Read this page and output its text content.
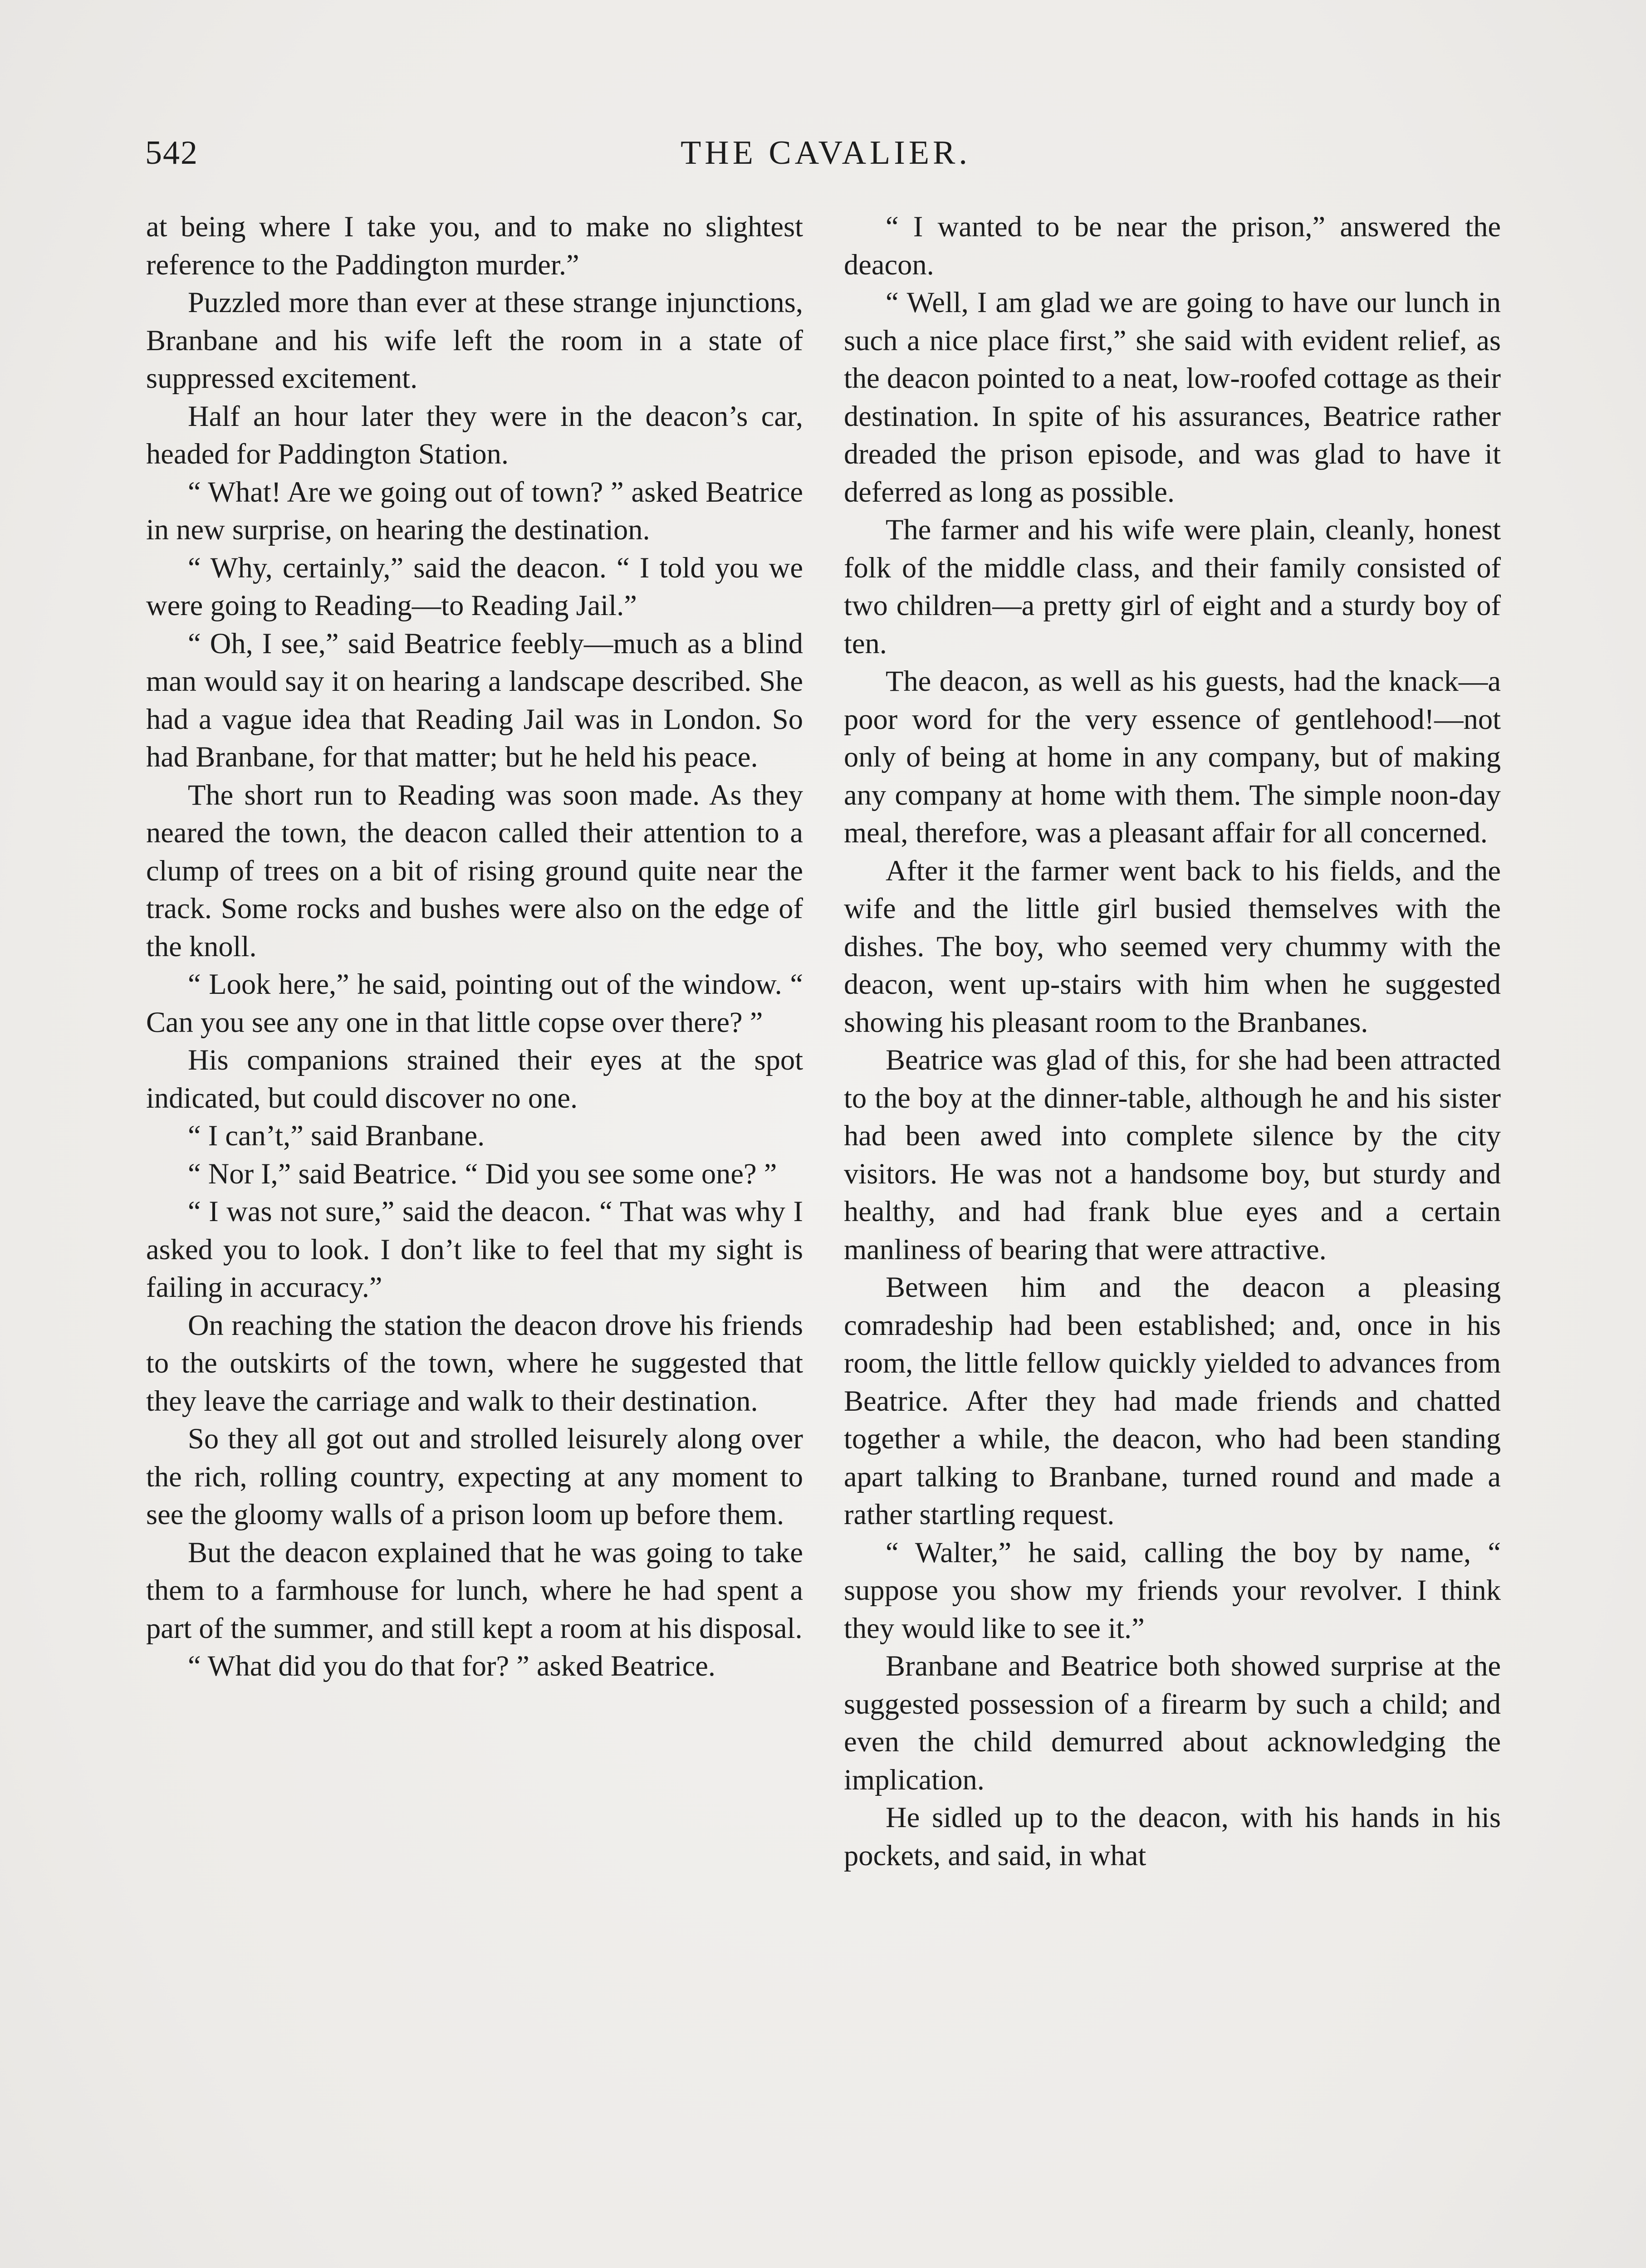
542	THE CAVALIER.

at being where I take you, and to make no slightest reference to the Paddington murder.”

Puzzled more than ever at these strange injunctions, Branbane and his wife left the room in a state of suppressed excitement.

Half an hour later they were in the deacon’s car, headed for Paddington Station.

“ What! Are we going out of town? ” asked Beatrice in new surprise, on hearing the destination.

“ Why, certainly,” said the deacon. “ I told you we were going to Reading—to Reading Jail.”

“ Oh, I see,” said Beatrice feebly—much as a blind man would say it on hearing a landscape described. She had a vague idea that Reading Jail was in London. So had Branbane, for that matter; but he held his peace.

The short run to Reading was soon made. As they neared the town, the deacon called their attention to a clump of trees on a bit of rising ground quite near the track. Some rocks and bushes were also on the edge of the knoll.

“ Look here,” he said, pointing out of the window. “ Can you see any one in that little copse over there? ”

His companions strained their eyes at the spot indicated, but could discover no one.

“ I can’t,” said Branbane.

“ Nor I,” said Beatrice. “ Did you see some one? ”

“ I was not sure,” said the deacon. “ That was why I asked you to look. I don’t like to feel that my sight is failing in accuracy.”

On reaching the station the deacon drove his friends to the outskirts of the town, where he suggested that they leave the carriage and walk to their destination.

So they all got out and strolled leisurely along over the rich, rolling country, expecting at any moment to see the gloomy walls of a prison loom up before them.

But the deacon explained that he was going to take them to a farmhouse for lunch, where he had spent a part of the summer, and still kept a room at his disposal.

“ What did you do that for? ” asked Beatrice.

“ I wanted to be near the prison,” answered the deacon.

“ Well, I am glad we are going to have our lunch in such a nice place first,” she said with evident relief, as the deacon pointed to a neat, low-roofed cottage as their destination. In spite of his assurances, Beatrice rather dreaded the prison episode, and was glad to have it deferred as long as possible.

The farmer and his wife were plain, cleanly, honest folk of the middle class, and their family consisted of two children—a pretty girl of eight and a sturdy boy of ten.

The deacon, as well as his guests, had the knack—a poor word for the very essence of gentlehood!—not only of being at home in any company, but of making any company at home with them. The simple noon-day meal, therefore, was a pleasant affair for all concerned.

After it the farmer went back to his fields, and the wife and the little girl busied themselves with the dishes. The boy, who seemed very chummy with the deacon, went up-stairs with him when he suggested showing his pleasant room to the Branbanes.

Beatrice was glad of this, for she had been attracted to the boy at the dinner-table, although he and his sister had been awed into complete silence by the city visitors. He was not a handsome boy, but sturdy and healthy, and had frank blue eyes and a certain manliness of bearing that were attractive.

Between him and the deacon a pleasing comradeship had been established; and, once in his room, the little fellow quickly yielded to advances from Beatrice. After they had made friends and chatted together a while, the deacon, who had been standing apart talking to Branbane, turned round and made a rather startling request.

“ Walter,” he said, calling the boy by name, “ suppose you show my friends your revolver. I think they would like to see it.”

Branbane and Beatrice both showed surprise at the suggested possession of a firearm by such a child; and even the child demurred about acknowledging the implication.

He sidled up to the deacon, with his hands in his pockets, and said, in what
